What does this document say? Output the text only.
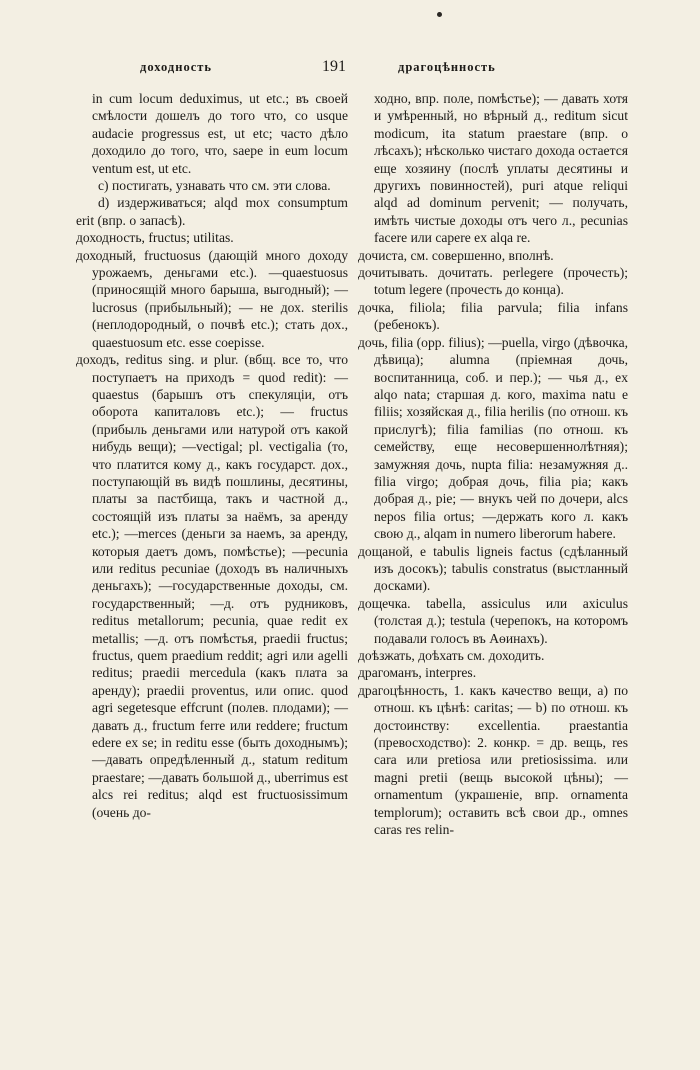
доходность	191	драгоцѣнность

in cum locum deduximus, ut etc.; въ своей смѣлости дошелъ до того что, со usque audacie progressus est, ut etc; часто дѣло доходило до того, что, saepe in eum locum ventum est, ut etc.

c) постигать, узнавать что см. эти слова.

d) издерживаться; alqd mox consumptum erit (впр. о запасѣ).

доходность, fructus; utilitas.

доходный, fructuosus (дающій много доходу урожаемъ, деньгами etc.). —quaestuosus (приносящій много барыша, выгодный); — lucrosus (прибыльный); — не дох. sterilis (неплодородный, о почвѣ etc.); стать дох., quaestuosum etc. esse coepisse.

доходъ, reditus sing. и plur. (вбщ. все то, что поступаетъ на приходъ = quod redit): — quaestus (барышъ отъ спекуляціи, отъ оборота капиталовъ etc.); — fructus (прибыль деньгами или натурой отъ какой нибудь вещи); —vectigal; pl. vectigalia (то, что платится кому д., какъ государст. дох., поступающій въ видѣ пошлины, десятины, платы за пастбища, такъ и частной д., состоящій изъ платы за наёмъ, за аренду etc.); —merces (деньги за наемъ, за аренду, которыя даетъ домъ, помѣстье); —pecunia или reditus pecuniae (доходъ въ наличныхъ деньгахъ); —государственные доходы, см. государственный; —д. отъ рудниковъ, reditus metallorum; pecunia, quae redit ex metallis; —д. отъ помѣстья, praedii fructus; fructus, quem praedium reddit; agri или agelli reditus; praedii mercedula (какъ плата за аренду); praedii proventus, или опис. quod agri segetesque effcrunt (полев. плодами); — давать д., fructum ferre или reddere; fructum edere ex se; in reditu esse (быть доходнымъ); —давать опредѣленный д., statum reditum praestare; —давать большой д., uberrimus est alcs rei reditus; alqd est fructuosissimum (очень до-

ходно, впр. поле, помѣстье); — давать хотя и умѣренный, но вѣрный д., reditum sicut modicum, ita statum praestare (впр. о лѣсахъ); нѣсколько чистаго дохода остается еще хозяину (послѣ уплаты десятины и другихъ повинностей), puri atque reliqui alqd ad dominum pervenit; — получать, имѣть чистые доходы отъ чего л., pecunias facere или capere ex alqa re.

дочиста, см. совершенно, вполнѣ.

дочитывать. дочитать. perlegere (прочесть); totum legere (прочесть до конца).

дочка, filiola; filia parvula; filia infans (ребенокъ).

дочь, filia (opp. filius); —puella, virgo (дѣвочка, дѣвица); alumna (пріемная дочь, воспитанница, соб. и пер.); — чья д., ex alqo nata; старшая д. кого, maxima natu e filiis; хозяйская д., filia herilis (по отнош. къ прислугѣ); filia familias (по отнош. къ семейству, еще несовершеннолѣтняя); замужняя дочь, nupta filia: незамужняя д.. filia virgo; добрая дочь, filia pia; какъ добрая д., pie; — внукъ чей по дочери, alcs nepos filia ortus; —держать кого л. какъ свою д., alqam in numero liberorum habere.

дощаной, e tabulis ligneis factus (сдѣланный изъ досокъ); tabulis constratus (выстланный досками).

дощечка. tabella, assiculus или axiculus (толстая д.); testula (черепокъ, на которомъ подавали голосъ въ Аѳинахъ).

доѣзжать, доѣхать см. доходить.

драгоманъ, interpres.

драгоцѣнность, 1. какъ качество вещи, а) по отнош. къ цѣнѣ: caritas; — b) по отнош. къ достоинству: excellentia. praestantia (превосходство): 2. конкр. = др. вещь, res cara или pretiosa или pretiosissima. или magni pretii (вещь высокой цѣны); —ornamentum (украшеніе, впр. ornamenta templorum); оставить всѣ свои др., omnes caras res relin-
